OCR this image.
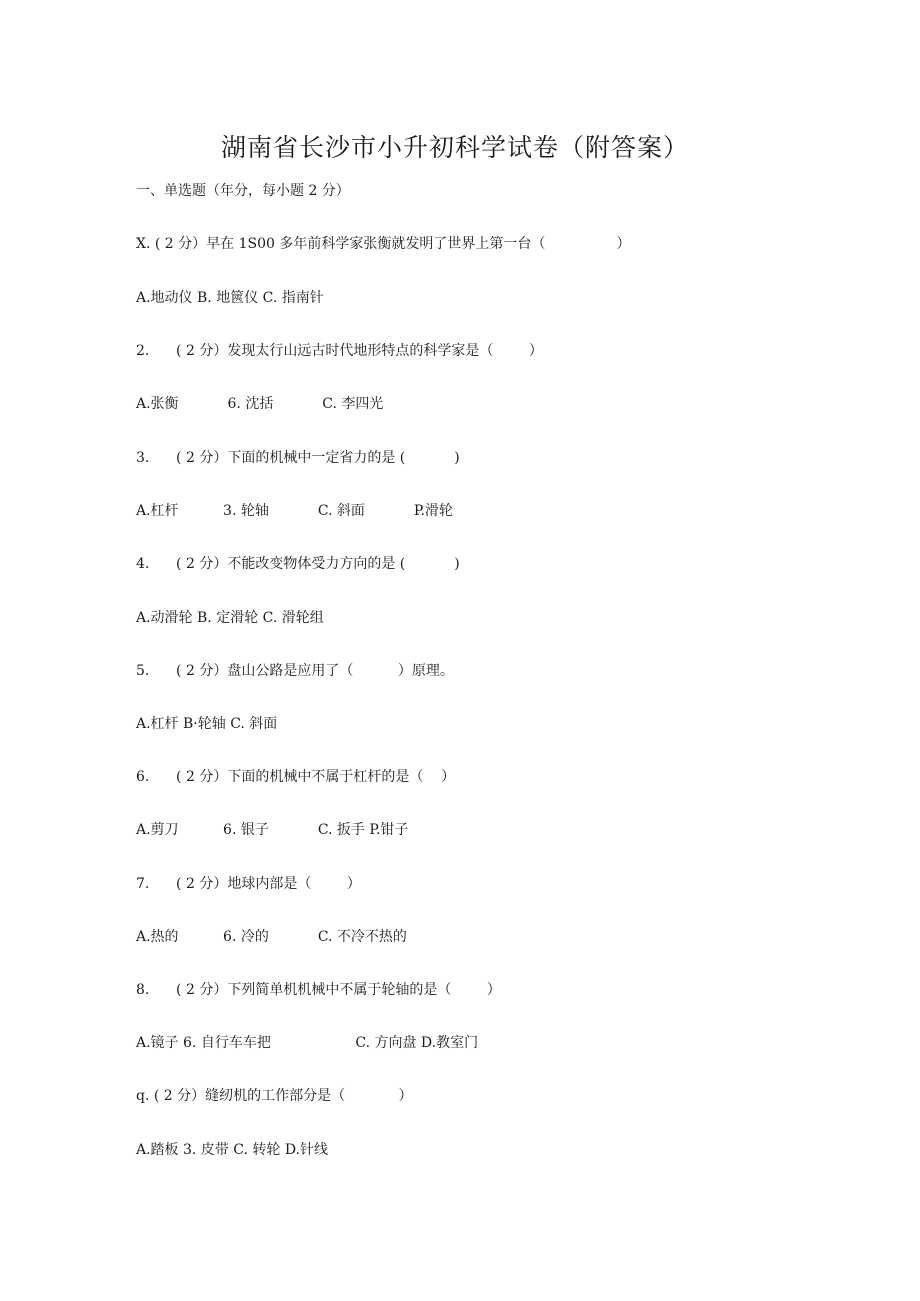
湖南省长沙市小升初科学试卷（附答案）
一、单选题（年分，每小题 2 分）
X. ( 2 分）早在 1S00 多年前科学家张衡就发明了世界上第一台（                ）
A.地动仪 B. 地篋仪 C. 指南针
2.      ( 2 分）发现太行山远古时代地形特点的科学家是（        ）
A.张衡           6. 沈括           C. 李四光
3.      ( 2 分）下面的机械中一定省力的是 (           )
A.杠杆          3. 轮轴           C. 斜面           P.滑轮
4.      ( 2 分）不能改变物体受力方向的是 (           )
A.动滑轮 B. 定滑轮 C. 滑轮组
5.      ( 2 分）盘山公路是应用了（          ）原理。
A.杠杆 B·轮轴 C. 斜面
6.      ( 2 分）下面的机械中不属于杠杆的是（    ）
A.剪刀          6. 银子           C. 扳手 P.钳子
7.      ( 2 分）地球内部是（        ）
A.热的          6. 冷的           C. 不冷不热的
8.      ( 2 分）下列简单机机械中不属于轮轴的是（        ）
A.镜子 6. 自行车车把                   C. 方向盘 D.教室门
q. ( 2 分）缝纫机的工作部分是（            ）
A.踏板 3. 皮带 C. 转轮 D.针线
